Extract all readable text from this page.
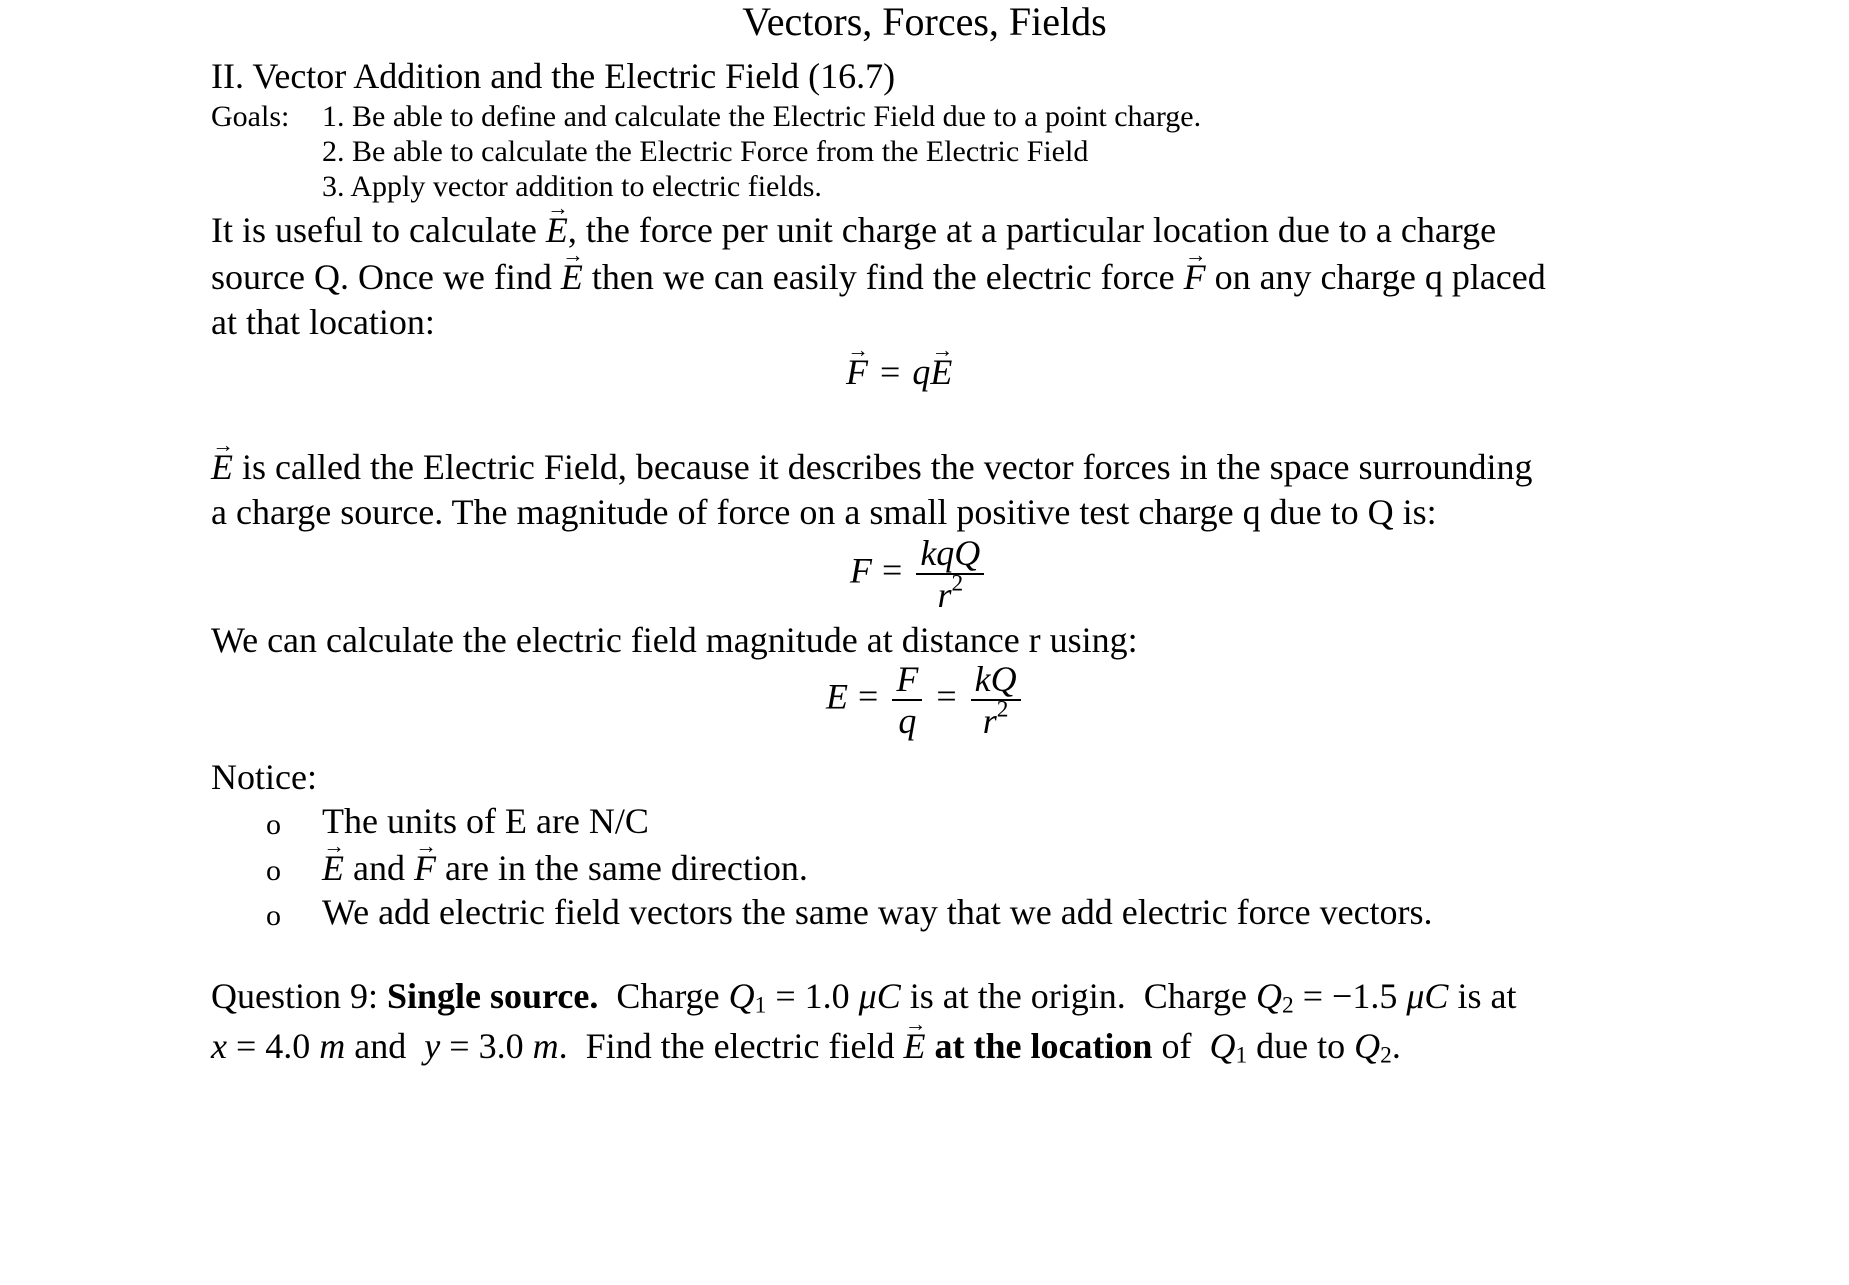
Vectors, Forces, Fields
II. Vector Addition and the Electric Field (16.7)
Goals: 1. Be able to define and calculate the Electric Field due to a point charge.
2. Be able to calculate the Electric Force from the Electric Field
3. Apply vector addition to electric fields.
It is useful to calculate → E, the force per unit charge at a particular location due to a charge
source Q. Once we find → E then we can easily find the electric force → F on any charge q placed
at that location:
→ F = q→ E
→ E is called the Electric Field, because it describes the vector forces in the space surrounding
a charge source. The magnitude of force on a small positive test charge q due to Q is:
$F = \frac{\text{kqQ}}{r^2}$
We can calculate the electric field magnitude at distance r using:
$E = \frac{F}{q} = \frac{kQ}{r^2}$
Notice:
o The units of E are N/C
o
→ E and → F are in the same direction.
o We add electric field vectors the same way that we add electric force vectors.
Question 9: Single source.  Charge $Q_1 = 1.0$ μC is at the origin.  Charge $Q_2 = -1.5$ μC is at
x = 4.0 m and  y = 3.0 m.  Find the electric field → E at the location of  $Q_1$ due to $Q_2$.
